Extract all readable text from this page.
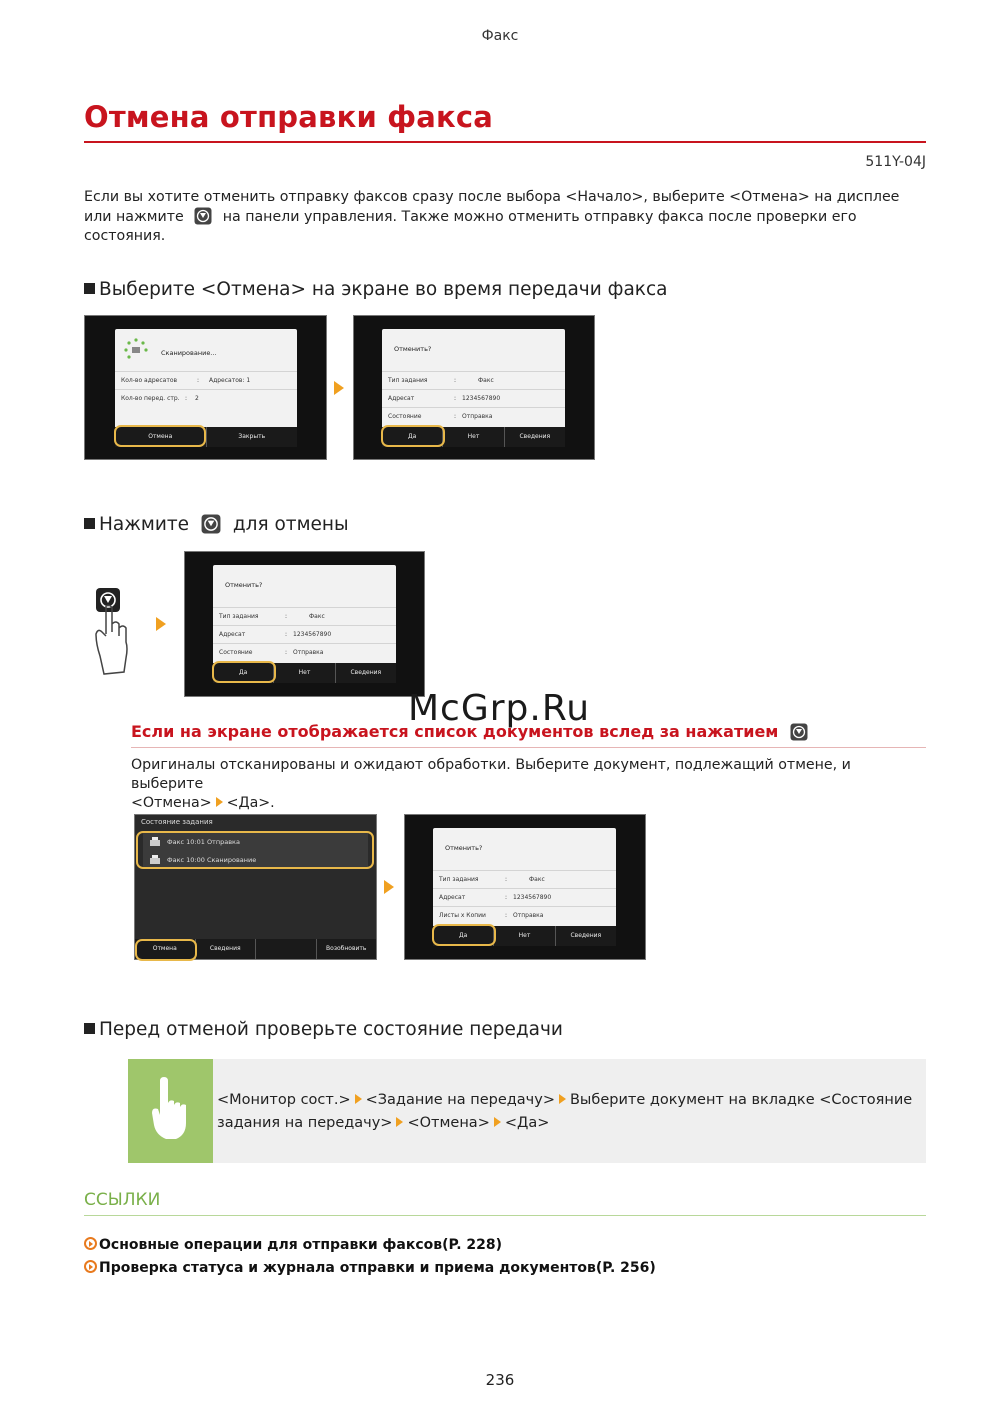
Факс
Отмена отправки факса
511Y-04J
Если вы хотите отменить отправку факсов сразу после выбора <Начало>, выберите <Отмена> на дисплее или нажмите	на панели управления. Также можно отменить отправку факса после проверки его состояния.
Выберите <Отмена> на экране во время передачи факса
Сканирование...
Кол-во адресатов	: Адресатов: 1
Кол-во перед. стр. : 2
Отмена	Закрыть
Отменить?
Тип задания	:	Факс
Адресат	: 1234567890
Состояние	: Отправка
Да	Нет	Сведения
Нажмите для отмены
Отменить?
Тип задания	:	Факс
Адресат	: 1234567890
Состояние	: Отправка
Да	Нет	Сведения
McGrp.Ru
Если на экране отображается список документов вслед за нажатием
Оригиналы отсканированы и ожидают обработки. Выберите документ, подлежащий отмене, и выберите
<Отмена> <Да>.
Состояние задания
Факс 10:01 Отправка
Факс 10:00 Сканирование
Отмена	Сведения	Возобновить
Отменить?
Тип задания	:	Факс
Адресат	: 1234567890
Листы x Копии	: Отправка
Да	Нет	Сведения
Перед отменой проверьте состояние передачи
<Монитор сост.> <Задание на передачу> Выберите документ на вкладке <Состояние
задания на передачу> <Отмена> <Да>
ССЫЛКИ
Основные операции для отправки факсов(P. 228)
Проверка статуса и журнала отправки и приема документов(P. 256)
236
